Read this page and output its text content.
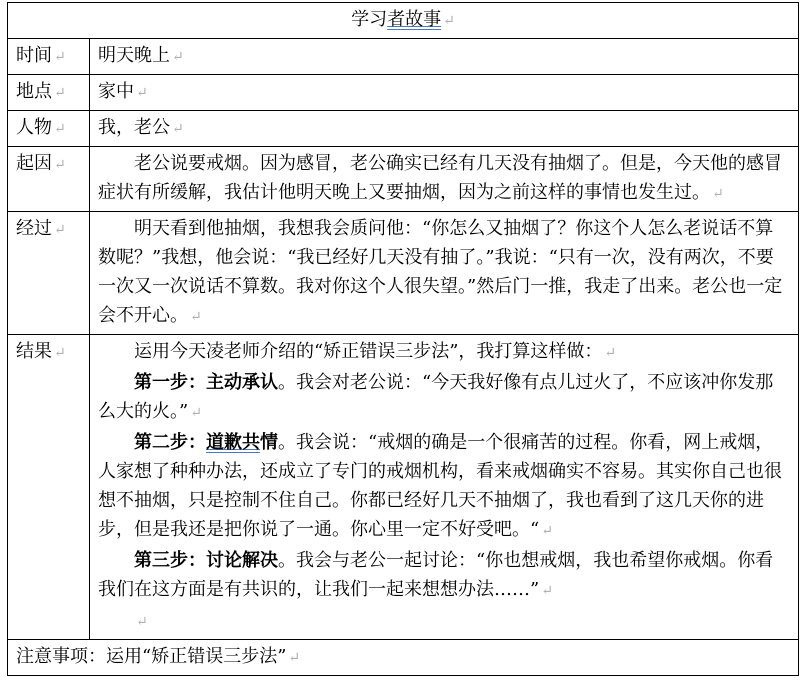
学习者故事 ↵	
时间 ↵	明天晚上 ↵
地点 ↵	家中 ↵
人物 ↵	我，老公 ↵
起因 ↵	老公说要戒烟。因为感冒，老公确实已经有几天没有抽烟了。但是，今天他的感冒症状有所缓解，我估计他明天晚上又要抽烟，因为之前这样的事情也发生过。 ↵

经过 ↵	明天看到他抽烟，我想我会质问他：“你怎么又抽烟了？你这个人怎么老说话不算数呢？”我想，他会说：“我已经好几天没有抽了。”我说：“只有一次，没有两次，不要一次又一次说话不算数。我对你这个人很失望。”然后门一推，我走了出来。老公也一定会不开心。 ↵

结果 ↵	运用今天凌老师介绍的“矫正错误三步法”，我打算这样做： ↵

第一步：主动承认。我会对老公说：“今天我好像有点儿过火了，不应该冲你发那么大的火。” ↵

第二步：道歉共情。我会说：“戒烟的确是一个很痛苦的过程。你看，网上戒烟，人家想了种种办法，还成立了专门的戒烟机构，看来戒烟确实不容易。其实你自己也很想不抽烟，只是控制不住自己。你都已经好几天不抽烟了，我也看到了这几天你的进步，但是我还是把你说了一通。你心里一定不好受吧。“ ↵

第三步：讨论解决。我会与老公一起讨论：“你也想戒烟，我也希望你戒烟。你看我们在这方面是有共识的，让我们一起来想想办法……” ↵

↵

注意事项：运用“矫正错误三步法” ↵	
